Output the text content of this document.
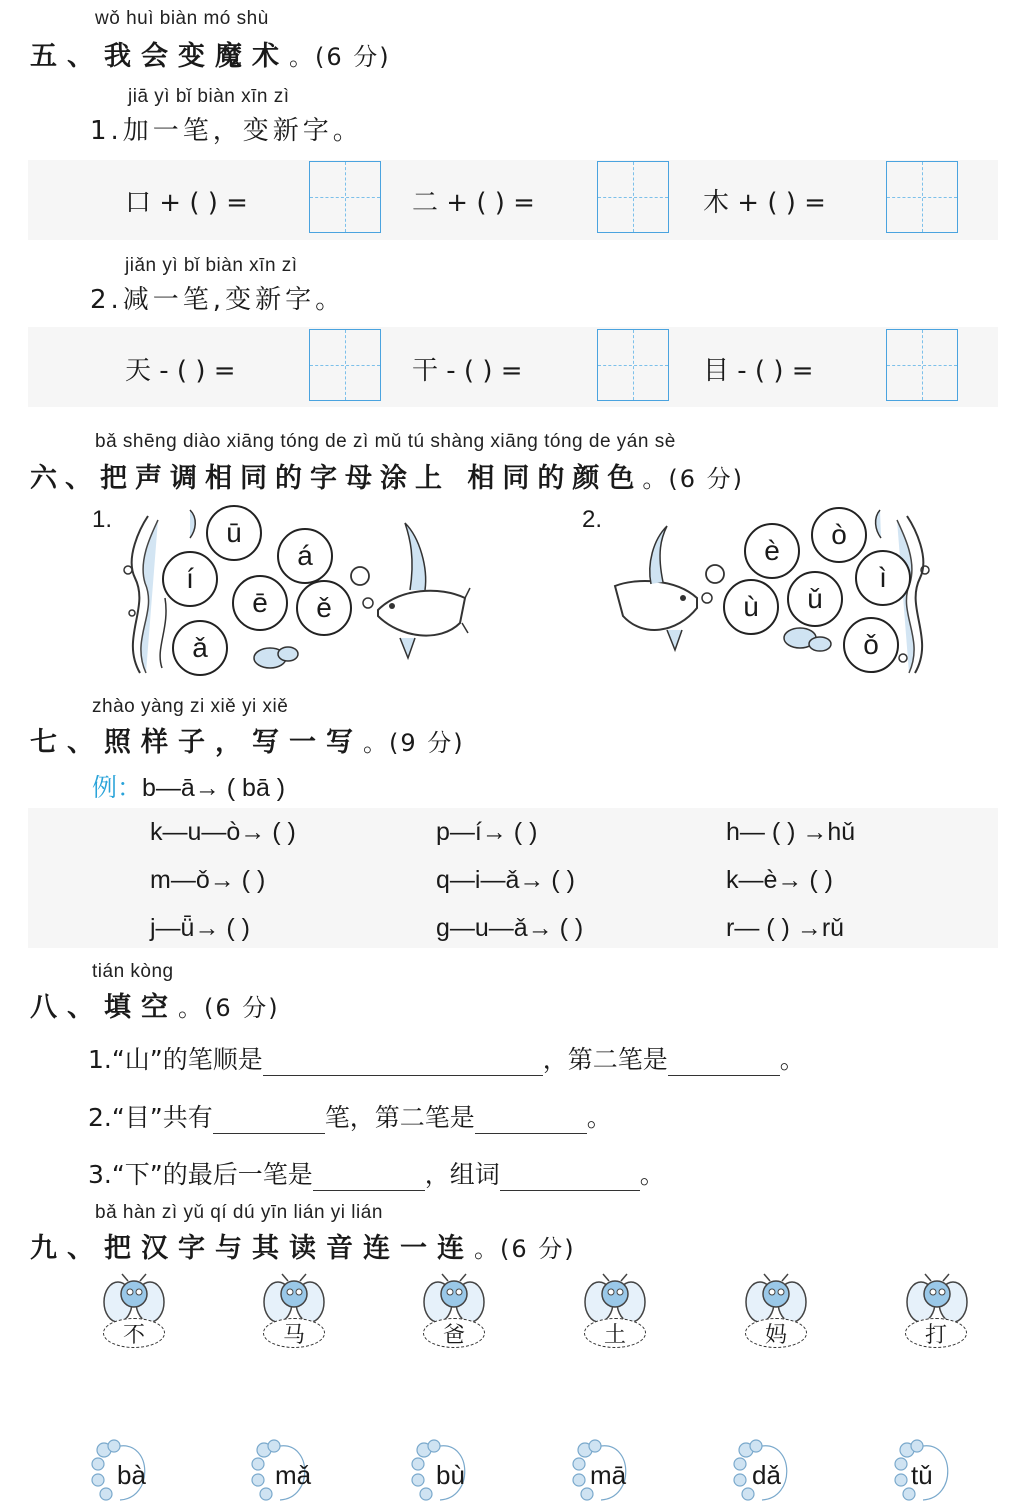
wǒ huì biàn mó shù
五、我会变魔术。(6 分)
jiā yì bǐ biàn xīn zì
1.加一笔，变新字。
口 + ( ) =	二 + ( ) =	木 + ( ) =
jiǎn yì bǐ biàn xīn zì
2.减一笔,变新字。
天 - ( ) =	干 - ( ) =	目 - ( ) =
bǎ shēng diào xiāng tóng de zì mǔ tú shàng xiāng tóng de yán sè
六、把声调相同的字母涂上 相同的颜色。(6 分)
1.	ū
á
í
ē	ě
ǎ
2.	ò
è
ì
ǔ
ù
ǒ
zhào yàng zi xiě yi xiě
七、照样子，写一写。(9 分)
例：b—ā→ ( bā )
k—u—ò→ ( )	p—í→ ( )	h— ( ) →hǔ
m—ǒ→ ( )	q—i—ǎ→ ( )	k—è→ ( )
j—ǖ→ ( )	g—u—ǎ→ ( )	r— ( ) →rǔ
tián kòng
八、填空。(6 分)
1.“山”的笔顺是	，第二笔是	。
2.“目”共有	笔，第二笔是	。
3.“下”的最后一笔是	，组词	。
bǎ hàn zì yǔ qí dú yīn lián yi lián
九、把汉字与其读音连一连。(6 分)
不	马	爸	土	妈	打
bà	mǎ	bù	mā	dǎ	tǔ
